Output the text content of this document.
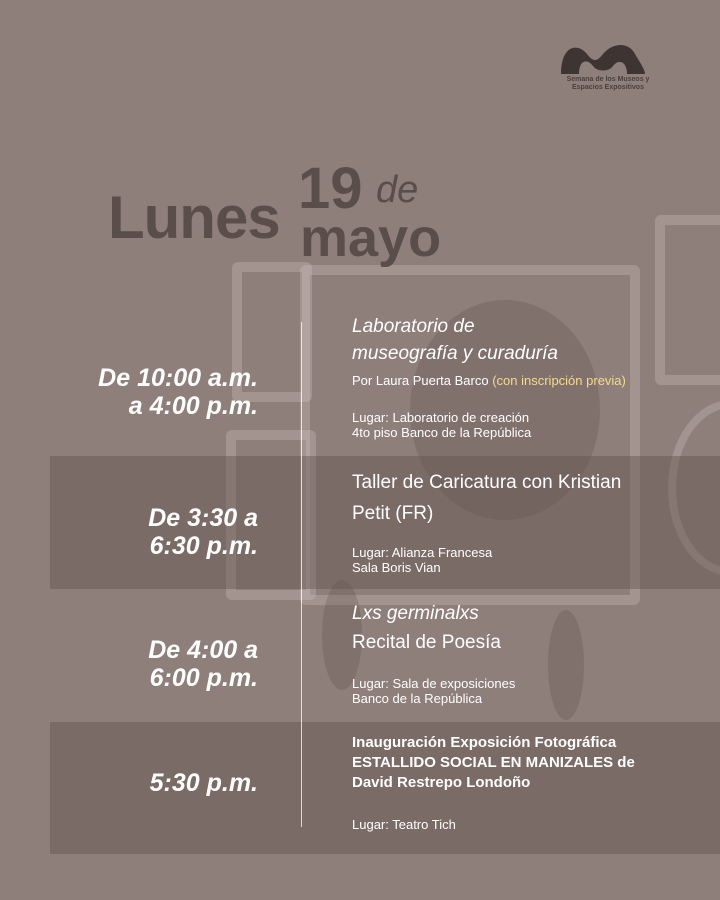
Semana de los Museos y
Espacios Expositivos
Lunes 19 de
mayo
De 10:00 a.m.
a 4:00 p.m.
Laboratorio de
museografía y curaduría
Por Laura Puerta Barco (con inscripción previa)
Lugar: Laboratorio de creación
4to piso Banco de la República
De 3:30 a
6:30 p.m.
Taller de Caricatura con Kristian
Petit (FR)
Lugar: Alianza Francesa
Sala Boris Vian
De 4:00 a
6:00 p.m.
Lxs germinalxs
Recital de Poesía
Lugar: Sala de exposiciones
Banco de la República
5:30 p.m.
Inauguración Exposición Fotográfica
ESTALLIDO SOCIAL EN MANIZALES de
David Restrepo Londoño
Lugar: Teatro Tich
